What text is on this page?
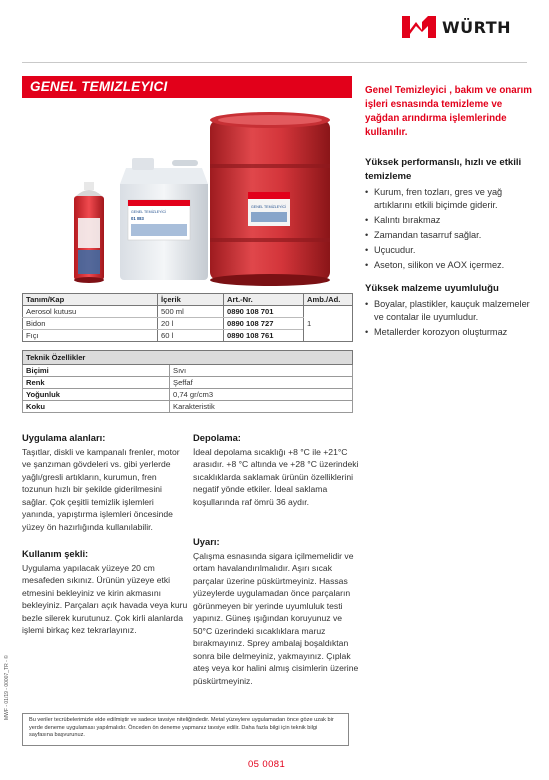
WÜRTH
GENEL TEMIZLEYICI
GENEL TEMİZLEYİCİ
GENEL TEMİZLEYİCİ
01 083
Genel Temizleyici , bakım ve onarım işleri esnasında temizleme ve yağdan arındırma işlemlerinde kullanılır.
Yüksek performanslı, hızlı ve etkili temizleme
• Kurum, fren tozları, gres ve yağ artıklarını etkili biçimde giderir.
• Kalıntı bırakmaz
• Zamandan tasarruf sağlar.
• Uçucudur.
• Aseton, silikon ve AOX içermez.
Yüksek malzeme uyumluluğu
• Boyalar, plastikler, kauçuk malzemeler ve contalar ile uyumludur.
• Metallerder korozyon oluşturmaz
Tanım/Kap	İçerik	Art.-Nr.	Amb./Ad.
Aerosol kutusu	500 ml	0890 108 701	1
Bidon	20 l	0890 108 727	
Fıçı	60 l	0890 108 761	
Teknik Özellikler	
Biçimi	Sıvı
Renk	Şeffaf
Yoğunluk	0,74 gr/cm3
Koku	Karakteristik
Uygulama alanları:

Taşıtlar, diskli ve kampanalı frenler, motor ve şanzıman gövdeleri vs. gibi yerlerde yağlı/gresli artıkların, kurumun, fren tozunun hızlı bir şekilde giderilmesini sağlar. Çok çeşitli temizlik işlemleri yanında, yapıştırma işlemleri öncesinde yüzey ön hazırlığında kullanılabilir.

Kullanım şekli:

Uygulama yapılacak yüzeye 20 cm mesafeden sıkınız. Ürünün yüzeye etki etmesini bekleyiniz ve kirin akmasını bekleyiniz. Parçaları açık havada veya kuru bezle silerek kurutunuz. Çok kirli alanlarda işlemi birkaç kez tekrarlayınız.

Depolama:

İdeal depolama sıcaklığı +8 °C ile +21°C arasıdır. +8 °C altında ve +28 °C üzerindeki sıcaklıklarda saklamak ürünün özelliklerini negatif yönde etkiler. İdeal saklama koşullarında raf ömrü 36 aydır.

Uyarı:

Çalışma esnasında sigara içilmemelidir ve ortam havalandırılmalıdır. Aşırı sıcak parçalar üzerine püskürtmeyiniz. Hassas yüzeylerde uygulamadan önce parçaların görünmeyen bir yerinde uyumluluk testi yapınız. Güneş ışığından koruyunuz ve 50°C üzerindeki sıcaklıklara maruz bırakmayınız. Sprey ambalaj boşaldıktan sonra bile delmeyiniz, yakmayınız. Çıplak ateş veya kor halini almış cisimlerin üzerine püskürtmeyiniz.

Bu veriler tecrübelerimizle elde edilmiştir ve sadece tavsiye niteliğindedir. Metal yüzeylere uygulamadan önce göze uzak bir yerde deneme uygulaması yapılmalıdır. Önceden ön deneme yapmanız tavsiye edilir. Daha fazla bilgi için teknik bilgi sayfasına başvurunuz.
MWF - 01/19 - 00007_TR - ©
05 0081
